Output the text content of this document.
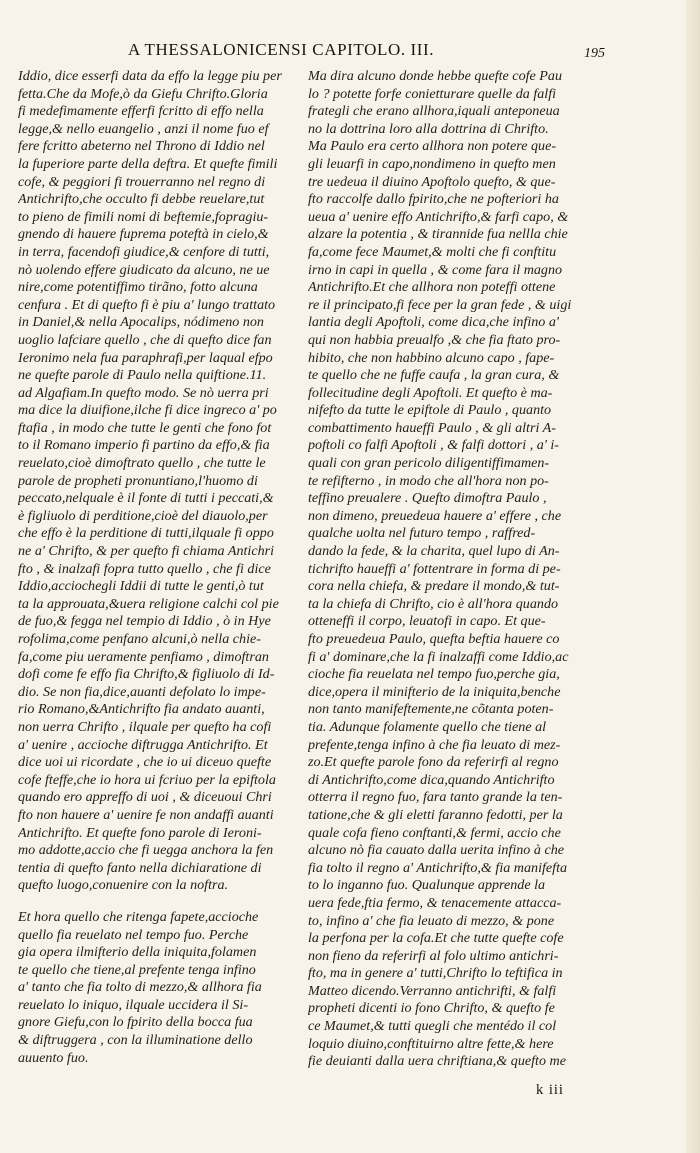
A THESSALONICENSI CAPITOLO. III.	195
Iddio, dice esserfi data da effo la legge piu per
fetta.Che da Mofe,ò da Giefu Chrifto.Gloria
fi medefimamente efferfi fcritto di effo nella
legge,& nello euangelio , anzi il nome fuo ef
fere fcritto abeterno nel Throno di Iddio nel
la fuperiore parte della deftra. Et quefte fimili
cofe, & peggiori fi trouerranno nel regno di
Antichrifto,che occulto fi debbe reuelare,tut
to pieno de fimili nomi di beftemie,fopragiu-
gnendo di hauere fuprema poteftà in cielo,&
in terra, facendofi giudice,& cenfore di tutti,
nò uolendo effere giudicato da alcuno, ne ue
nire,come potentiffimo tirãno, fotto alcuna
cenfura . Et di quefto fi è piu a' lungo trattato
in Daniel,& nella Apocalips, nódimeno non
uoglio lafciare quello , che di quefto dice fan
Ieronimo nela fua paraphrafi,per laqual efpo
ne quefte parole di Paulo nella quiftione.11.
ad Algafiam.In quefto modo. Se nò uerra pri
ma dice la diuifione,ilche fi dice ingreco a' po
ftafia , in modo che tutte le genti che fono fot
to il Romano imperio fi partino da effo,& fia
reuelato,cioè dimoftrato quello , che tutte le
parole de propheti pronuntiano,l'huomo di
peccato,nelquale è il fonte di tutti i peccati,&
è figliuolo di perditione,cioè del diauolo,per
che effo è la perditione di tutti,ilquale fi oppo
ne a' Chrifto, & per quefto fi chiama Antichri
fto , & inalzafi fopra tutto quello , che fi dice
Iddio,acciochegli Iddii di tutte le genti,ò tut
ta la approuata,&uera religione calchi col pie
de fuo,& fegga nel tempio di Iddio , ò in Hye
rofolima,come penfano alcuni,ò nella chie-
fa,come piu ueramente penfiamo , dimoftran
dofi come fe effo fia Chrifto,& figliuolo di Id-
dio. Se non fia,dice,auanti defolato lo impe-
rio Romano,&Antichrifto fia andato auanti,
non uerra Chrifto , ilquale per quefto ha cofi
a' uenire , accioche diftrugga Antichrifto. Et
dice uoi ui ricordate , che io ui diceuo quefte
cofe fteffe,che io hora ui fcriuo per la epiftola
quando ero appreffo di uoi , & diceuoui Chri
fto non hauere a' uenire fe non andaffi auanti
Antichrifto. Et quefte fono parole di Ieroni-
mo addotte,accio che fi uegga anchora la fen
tentia di quefto fanto nella dichiaratione di
quefto luogo,conuenire con la noftra.
Et hora quello che ritenga fapete,accioche
quello fia reuelato nel tempo fuo. Perche
gia opera ilmifterio della iniquita,folamen
te quello che tiene,al prefente tenga infino
a' tanto che fia tolto di mezzo,& allhora fia
reuelato lo iniquo, ilquale uccidera il Si-
gnore Giefu,con lo fpirito della bocca fua
& diftruggera , con la illuminatione dello
auuento fuo.
Ma dira alcuno donde hebbe quefte cofe Pau
lo ? potette forfe conietturare quelle da falfi
frategli che erano allhora,iquali anteponeua
no la dottrina loro alla dottrina di Chrifto.
Ma Paulo era certo allhora non potere que-
gli leuarfi in capo,nondimeno in quefto men
tre uedeua il diuino Apoftolo quefto, & que-
fto raccolfe dallo fpirito,che ne pofteriori ha
ueua a' uenire effo Antichrifto,& farfi capo, &
alzare la potentia , & tirannide fua nellla chie
fa,come fece Maumet,& molti che fi conftitu
irno in capi in quella , & come fara il magno
Antichrifto.Et che allhora non poteffi ottene
re il principato,fi fece per la gran fede , & uigi
lantia degli Apoftoli, come dica,che infino a'
qui non habbia preualfo ,& che fia ftato pro-
hibito, che non habbino alcuno capo , fape-
te quello che ne fuffe caufa , la gran cura, &
follecitudine degli Apoftoli. Et quefto è ma-
nifefto da tutte le epiftole di Paulo , quanto
combattimento haueffi Paulo , & gli altri A-
poftoli co falfi Apoftoli , & falfi dottori , a' i-
quali con gran pericolo diligentiffimamen-
te refifterno , in modo che all'hora non po-
teffino preualere . Quefto dimoftra Paulo ,
non dimeno, preuedeua hauere a' effere , che
qualche uolta nel futuro tempo , raffred-
dando la fede, & la charita, quel lupo di An-
tichrifto haueffi a' fottentrare in forma di pe-
cora nella chiefa, & predare il mondo,& tut-
ta la chiefa di Chrifto, cio è all'hora quando
otteneffi il corpo, leuatofi in capo. Et que-
fto preuedeua Paulo, quefta beftia hauere co
fi a' dominare,che la fi inalzaffi come Iddio,ac
cioche fia reuelata nel tempo fuo,perche gia,
dice,opera il minifterio de la iniquita,benche
non tanto manifeftemente,ne cõtanta poten-
tia. Adunque folamente quello che tiene al
prefente,tenga infino à che fia leuato di mez-
zo.Et quefte parole fono da referirfi al regno
di Antichrifto,come dica,quando Antichrifto
otterra il regno fuo, fara tanto grande la ten-
tatione,che & gli eletti faranno fedotti, per la
quale cofa fieno conftanti,& fermi, accio che
alcuno nò fia cauato dalla uerita infino à che
fia tolto il regno a' Antichrifto,& fia manifefta
to lo inganno fuo. Qualunque apprende la
uera fede,ftia fermo, & tenacemente attacca-
to, infino a' che fia leuato di mezzo, & pone
la perfona per la cofa.Et che tutte quefte cofe
non fieno da referirfi al folo ultimo antichri-
fto, ma in genere a' tutti,Chrifto lo teftifica in
Matteo dicendo.Verranno antichrifti, & falfi
propheti dicenti io fono Chrifto, & quefto fe
ce Maumet,& tutti quegli che mentédo il col
loquio diuino,conftituirno altre fette,& here
fie deuianti dalla uera chriftiana,& quefto me
k iii
